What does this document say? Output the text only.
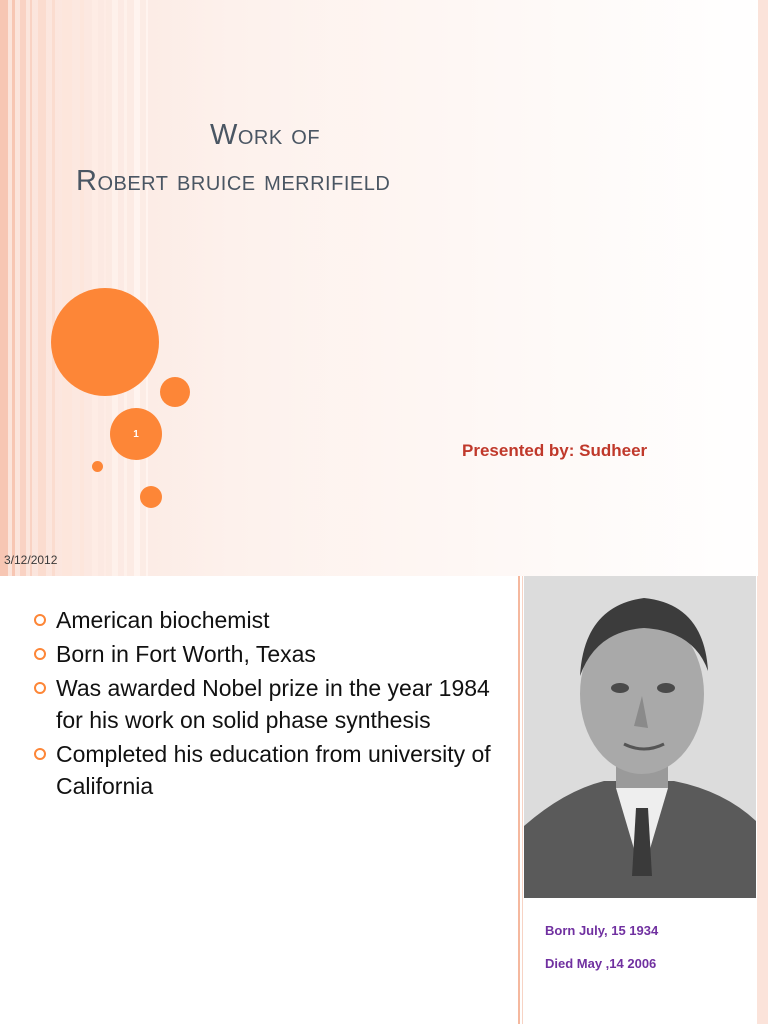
Work of
Robert bruice merrifield
1
Presented by: Sudheer
3/12/2012
American biochemist
Born in Fort Worth, Texas
Was awarded Nobel prize in the year 1984 for his work on solid phase synthesis
Completed his education from university of California
Born July, 15 1934
Died May ,14 2006
